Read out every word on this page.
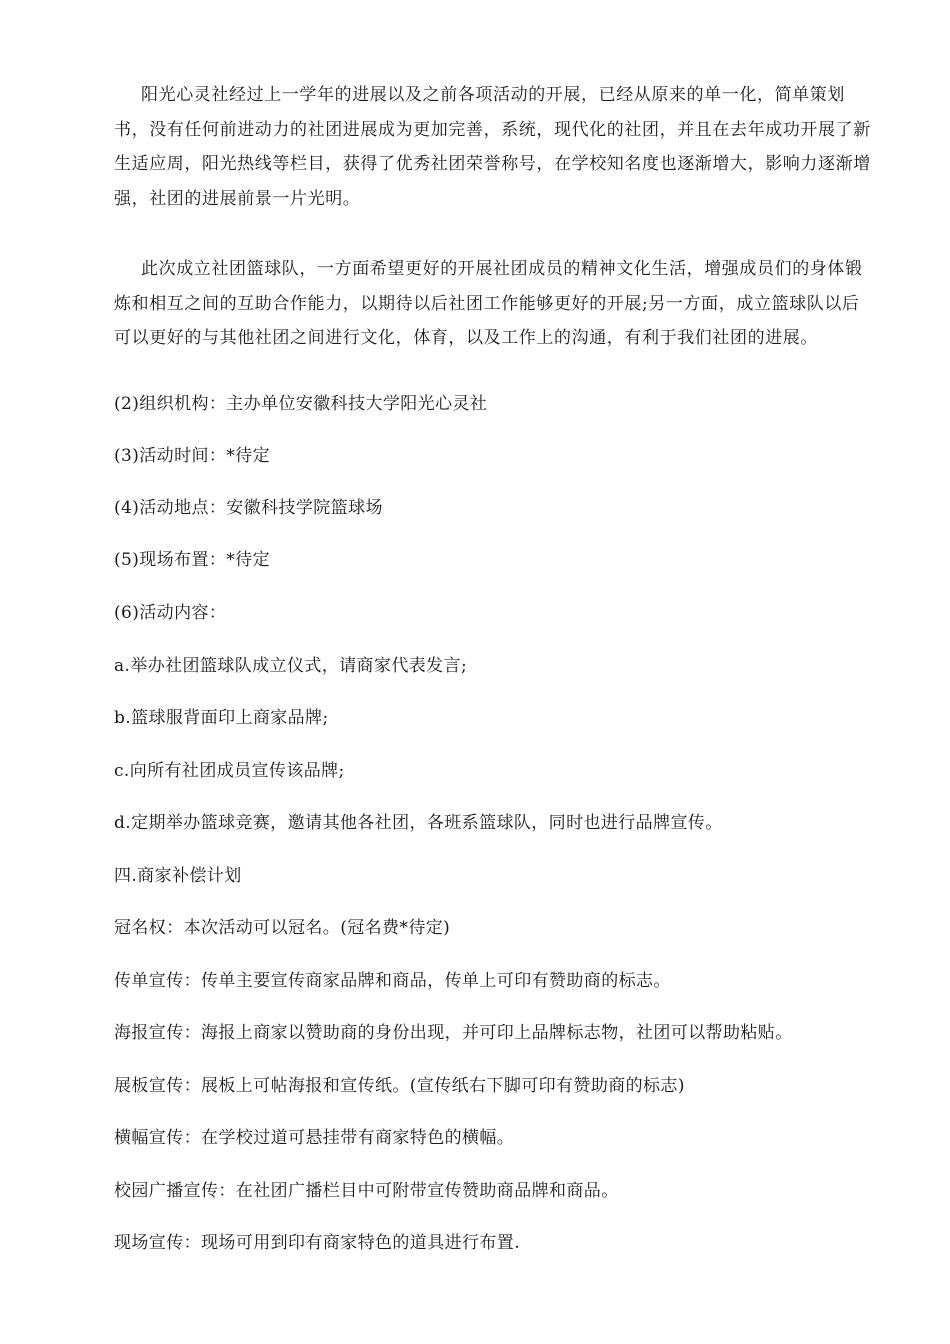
阳光心灵社经过上一学年的进展以及之前各项活动的开展，已经从原来的单一化，简单策划书，没有任何前进动力的社团进展成为更加完善，系统，现代化的社团，并且在去年成功开展了新生适应周，阳光热线等栏目，获得了优秀社团荣誉称号，在学校知名度也逐渐增大，影响力逐渐增强，社团的进展前景一片光明。

此次成立社团篮球队，一方面希望更好的开展社团成员的精神文化生活，增强成员们的身体锻炼和相互之间的互助合作能力，以期待以后社团工作能够更好的开展;另一方面，成立篮球队以后可以更好的与其他社团之间进行文化，体育，以及工作上的沟通，有利于我们社团的进展。

(2)组织机构：主办单位安徽科技大学阳光心灵社

(3)活动时间：*待定

(4)活动地点：安徽科技学院篮球场

(5)现场布置：*待定

(6)活动内容：

a.举办社团篮球队成立仪式，请商家代表发言;

b.篮球服背面印上商家品牌;

c.向所有社团成员宣传该品牌;

d.定期举办篮球竞赛，邀请其他各社团，各班系篮球队，同时也进行品牌宣传。

四.商家补偿计划

冠名权：本次活动可以冠名。(冠名费*待定)

传单宣传：传单主要宣传商家品牌和商品，传单上可印有赞助商的标志。

海报宣传：海报上商家以赞助商的身份出现，并可印上品牌标志物，社团可以帮助粘贴。

展板宣传：展板上可帖海报和宣传纸。(宣传纸右下脚可印有赞助商的标志)

横幅宣传：在学校过道可悬挂带有商家特色的横幅。

校园广播宣传：在社团广播栏目中可附带宣传赞助商品牌和商品。

现场宣传：现场可用到印有商家特色的道具进行布置.
